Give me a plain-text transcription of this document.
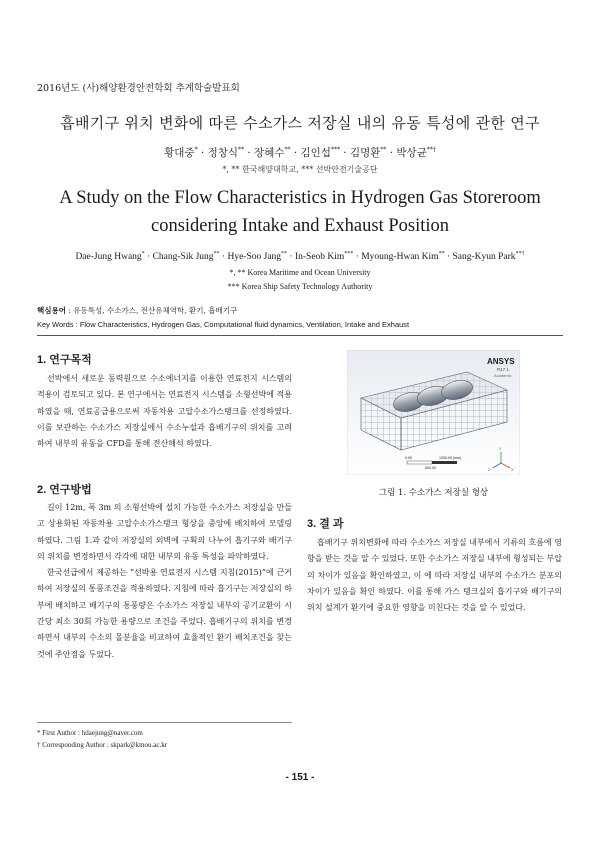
2016년도 (사)해양환경안전학회 추계학술발표회
흡배기구 위치 변화에 따른 수소가스 저장실 내의 유동 특성에 관한 연구
황대중* · 정창식** · 장혜수** · 김인섭*** · 김명환** · 박상균**†
*, ** 한국해양대학교, *** 선박안전기술공단
A Study on the Flow Characteristics in Hydrogen Gas Storeroom considering Intake and Exhaust Position
Dae-Jung Hwang* · Chang-Sik Jung** · Hye-Soo Jang** · In-Seob Kim*** · Myoung-Hwan Kim** · Sang-Kyun Park**†
*, ** Korea Maritime and Ocean University
*** Korea Ship Safety Technology Authority
핵심용어 : 유동특성, 수소가스, 전산유체역학, 환기, 흡배기구
Key Words : Flow Characteristics, Hydrogen Gas, Computational fluid dynamics, Ventilation, Intake and Exhaust
1. 연구목적
선박에서 새로운 동력원으로 수소에너지를 이용한 연료전지 시스템의 적용이 검토되고 있다. 본 연구에서는 연료전지 시스템을 소형선박에 적용하였을 때, 연료공급용으로써 자동차용 고압수소가스탱크를 선정하였다. 이를 보관하는 수소가스 저장실에서 수소누설과 흡배기구의 위치를 고려하여 내부의 유동을 CFD를 통해 전산해석 하였다.
2. 연구방법
길이 12m, 폭 3m 의 소형선박에 설치 가능한 수소가스 저장실을 만들고 상용화된 자동차용 고압수소가스탱크 형상을 중앙에 배치하여 모델링하였다. 그림 1.과 같이 저장실의 외벽에 구획의 나누어 흡기구와 배기구의 위치를 변경하면서 각각에 대한 내부의 유동 특성을 파악하였다.
한국선급에서 제공하는 “선박용 연료전지 시스템 지침(2015)”에 근거하여 저장실의 통풍조건을 적용하였다. 지침에 따라 흡기구는 저장실의 하부에 배치하고 배기구의 통풍량은 수소가스 저장실 내부의 공기교환이 시간당 최소 30회 가능한 용량으로 조건을 주었다. 흡배기구의 위치를 변경하면서 내부의 수소의 몰분율을 비교하여 효율적인 환기 배치조건을 찾는 것에 주안점을 두었다.
ANSYS
R17.1
Academic
0.00	1200.00 (mm)
600.00
Y
X
Z
그림 1. 수소가스 저장실 형상
3. 결 과
흡배기구 위치변화에 따라 수소가스 저장실 내부에서 기류의 흐름에 영향을 받는 것을 알 수 있었다. 또한 수소가스 저장실 내부에 형성되는 부압의 차이가 있음을 확인하였고, 이 에 따라 저장실 내부의 수소가스 분포의 차이가 있음을 확인 하였다. 이를 통해 가스 탱크실의 흡기구와 배기구의 위치 설계가 환기에 중요한 영향을 미친다는 것을 알 수 있었다.
* First Author : hdaejung@naver.com
† Corresponding Author : skpark@kmou.ac.kr
- 151 -
